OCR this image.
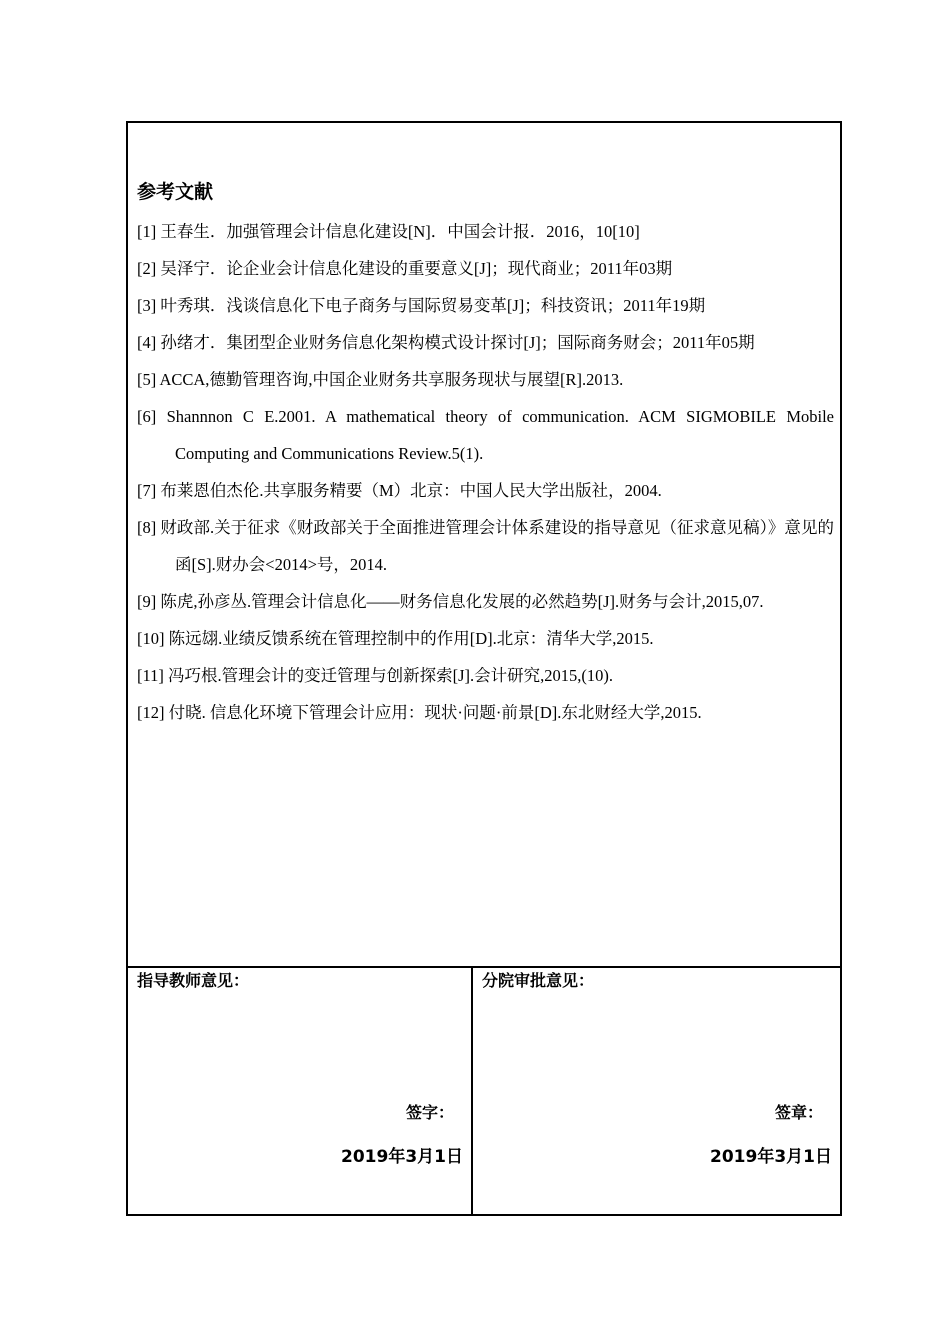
参考文献
[1] 王春生．加强管理会计信息化建设[N]．中国会计报．2016，10[10]
[2] 吴泽宁．论企业会计信息化建设的重要意义[J]；现代商业；2011年03期
[3] 叶秀琪．浅谈信息化下电子商务与国际贸易变革[J]；科技资讯；2011年19期
[4] 孙绪才．集团型企业财务信息化架构模式设计探讨[J]；国际商务财会；2011年05期
[5] ACCA,德勤管理咨询,中国企业财务共享服务现状与展望[R].2013.
[6] Shannnon C E.2001. A mathematical theory of communication. ACM SIGMOBILE Mobile Computing and Communications Review.5(1).
[7] 布莱恩伯杰伦.共享服务精要（M）北京：中国人民大学出版社，2004.
[8] 财政部.关于征求《财政部关于全面推进管理会计体系建设的指导意见（征求意见稿）》意见的函[S].财办会<2014>号，2014.
[9] 陈虎,孙彦丛.管理会计信息化——财务信息化发展的必然趋势[J].财务与会计,2015,07.
[10] 陈远翃.业绩反馈系统在管理控制中的作用[D].北京：清华大学,2015.
[11] 冯巧根.管理会计的变迁管理与创新探索[J].会计研究,2015,(10).
[12] 付晓. 信息化环境下管理会计应用：现状·问题·前景[D].东北财经大学,2015.
指导教师意见：
签字：
2019年3月1日
分院审批意见：
签章：
2019年3月1日
